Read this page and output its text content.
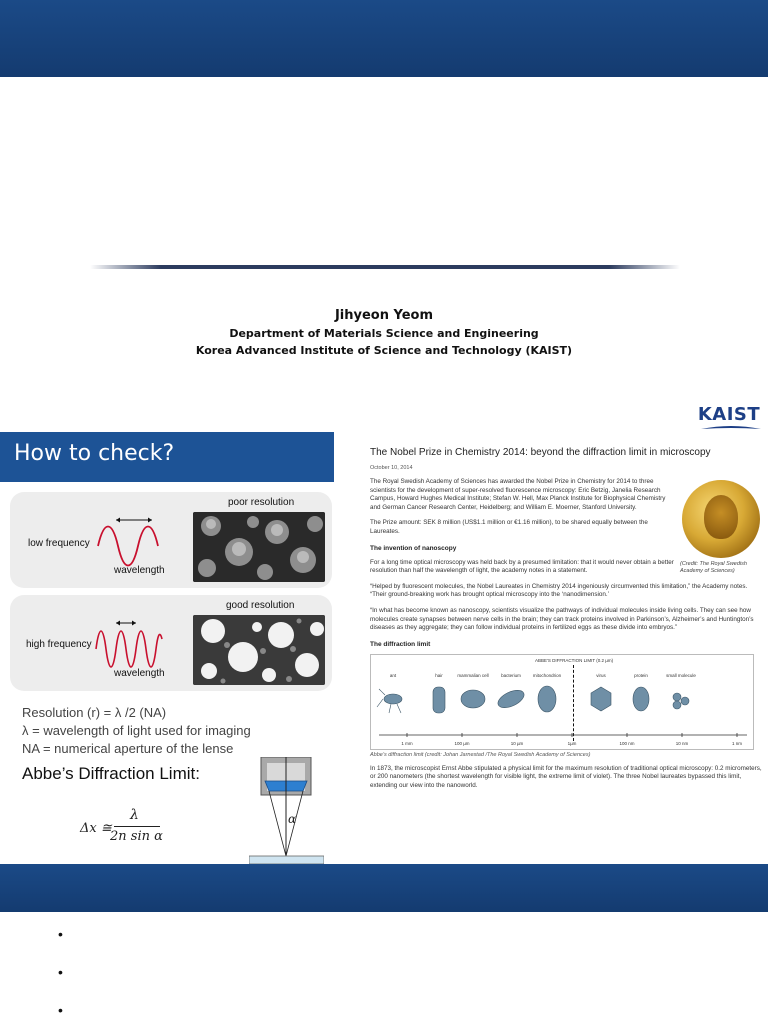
Jihyeon Yeom
Department of Materials Science and Engineering
Korea Advanced Institute of Science and Technology (KAIST)
KAIST
How to check?
low frequency
wavelength
poor resolution
high frequency
wavelength
good resolution
Resolution (r) = λ /2 (NA)
λ = wavelength of light used for imaging
NA = numerical aperture of the lense
Abbe’s Diffraction Limit:
Δx ≅
λ
2n sin α
α
The Nobel Prize in Chemistry 2014: beyond the diffraction limit in microscopy
October 10, 2014
(Credit: The Royal Swedish Academy of Sciences)

The Royal Swedish Academy of Sciences has awarded the Nobel Prize in Chemistry for 2014 to three scientists for the development of super-resolved fluorescence microscopy: Eric Betzig, Janelia Research Campus, Howard Hughes Medical Institute; Stefan W. Hell, Max Planck Institute for Biophysical Chemistry and German Cancer Research Center, Heidelberg; and William E. Moerner, Stanford University.

The Prize amount: SEK 8 million (US$1.1 million or €1.16 million), to be shared equally between the Laureates.

The invention of nanoscopy

For a long time optical microscopy was held back by a presumed limitation: that it would never obtain a better resolution than half the wavelength of light, the academy notes in a statement.

“Helped by fluorescent molecules, the Nobel Laureates in Chemistry 2014 ingeniously circumvented this limitation,” the Academy notes. “Their ground-breaking work has brought optical microscopy into the ‘nanodimension.’

“In what has become known as nanoscopy, scientists visualize the pathways of individual molecules inside living cells. They can see how molecules create synapses between nerve cells in the brain; they can track proteins involved in Parkinson’s, Alzheimer’s and Huntington’s diseases as they aggregate; they can follow individual proteins in fertilized eggs as these divide into embryos.”

The diffraction limit
ABBE'S DIFFRACTION LIMIT (0.2 µm)
ant	hair	mammalian cell	bacterium	mitochondrion	virus	protein	small molecule
1 mm	100 µm	10 µm	1µm	100 nm	10 nm	1 nm
Abbe’s diffraction limit (credit: Johan Jarnestad /The Royal Swedish Academy of Sciences)

In 1873, the microscopist Ernst Abbe stipulated a physical limit for the maximum resolution of traditional optical microscopy: 0.2 micrometers, or 200 nanometers (the shortest wavelength for visible light, the extreme limit of violet). The three Nobel laureates bypassed this limit, extending our view into the nanoworld.

•
•
•
